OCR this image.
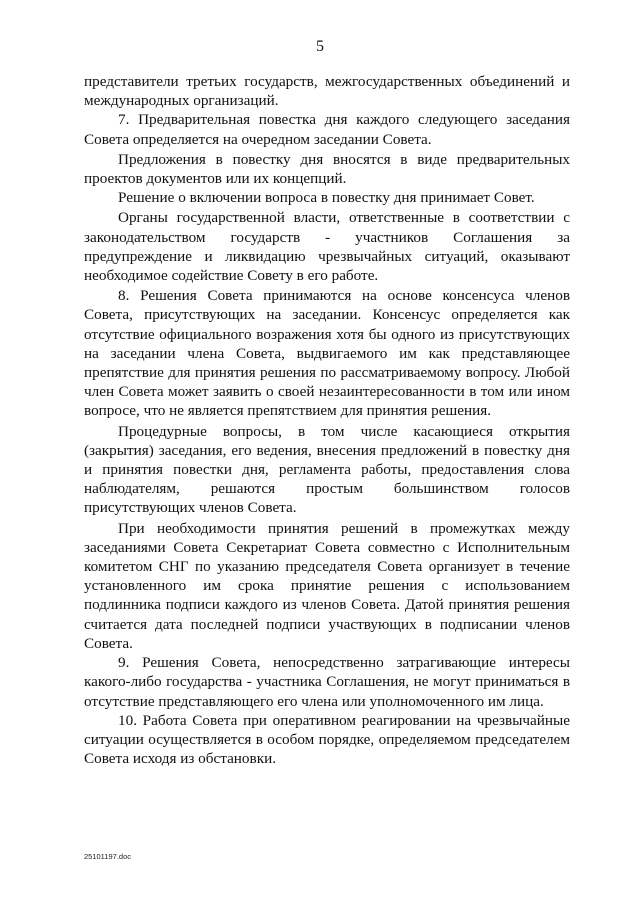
5

представители третьих государств, межгосударственных объединений и международных организаций.

7. Предварительная повестка дня каждого следующего заседания Совета определяется на очередном заседании Совета.

Предложения в повестку дня вносятся в виде предварительных проектов документов или их концепций.

Решение о включении вопроса в повестку дня принимает Совет.

Органы государственной власти, ответственные в соответствии с законодательством государств - участников Соглашения за предупреждение и ликвидацию чрезвычайных ситуаций, оказывают необходимое содействие Совету в его работе.

8. Решения Совета принимаются на основе консенсуса членов Совета, присутствующих на заседании. Консенсус определяется как отсутствие официального возражения хотя бы одного из присутствующих на заседании члена Совета, выдвигаемого им как представляющее препятствие для принятия решения по рассматриваемому вопросу. Любой член Совета может заявить о своей незаинтересованности в том или ином вопросе, что не является препятствием для принятия решения.

Процедурные вопросы, в том числе касающиеся открытия (закрытия) заседания, его ведения, внесения предложений в повестку дня и принятия повестки дня, регламента работы, предоставления слова наблюдателям, решаются простым большинством голосов присутствующих членов Совета.

При необходимости принятия решений в промежутках между заседаниями Совета Секретариат Совета совместно с Исполнительным комитетом СНГ по указанию председателя Совета организует в течение установленного им срока принятие решения с использованием подлинника подписи каждого из членов Совета. Датой принятия решения считается дата последней подписи участвующих в подписании членов Совета.

9. Решения Совета, непосредственно затрагивающие интересы какого-либо государства - участника Соглашения, не могут приниматься в отсутствие представляющего его члена или уполномоченного им лица.

10. Работа Совета при оперативном реагировании на чрезвычайные ситуации осуществляется в особом порядке, определяемом председателем Совета исходя из обстановки.

25101197.doc
